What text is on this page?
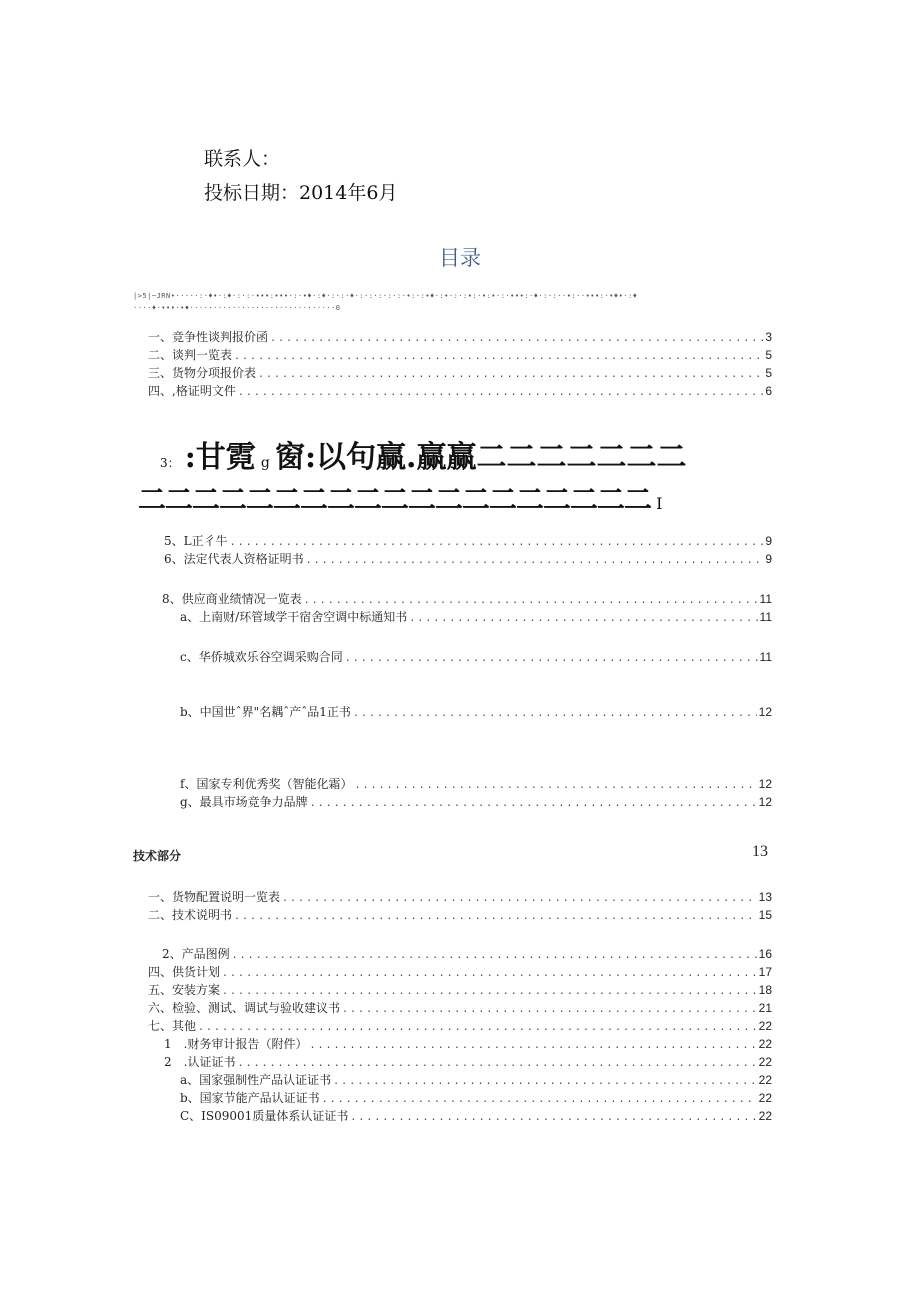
联系人：
投标日期：2014年6月
目录
|>5|~JRN•·····:·♦•·:♦·:·:·•••:•••·:·•♦·:♦·:·:·♦·:·:·:·:·:·•:·:•♦·:•·:·:•:·•:•·:·•••:·♦·:·:··•:··•••:·•♦•·:♦
····♦·•••·•♦·······························0
一、竞争性谈判报价函 .....	3
二、谈判一览表 .....	5
三、货物分项报价表 .....	5
四、,格证明文件 .....	6
3： :甘霓 g 窗:以句赢.赢赢二二二二二二二
二二二二二二二二二二二二二二二二二二二 I
5、L正彳牛 .....	9
6、法定代表人资格证明书 .....	9
8、供应商业绩情况一览表 .....	11
a、上南财/环管域学干宿舍空调中标通知书 .....	11
c、华侨城欢乐谷空调采购合同 .....	11
b、中国世ˆ界"名耦ˆ产ˆ品1正书 .....	12
f、国家专利优秀奖（智能化霜） .....	12
g、最具市场竞争力品牌 .....	12
技术部分	13
一、货物配置说明一览表 .....	13
二、技术说明书 .....	15
2、产品图例 .....	16
四、供货计划 .....	17
五、安装方案 .....	18
六、检验、测试、调试与验收建议书 .....	21
七、其他 .....	22
1　.财务审计报告（附件） .....	22
2　.认证证书 .....	22
a、国家强制性产品认证证书 .....	22
b、国家节能产品认证证书 .....	22
C、IS09001质量体系认证证书 .....	22
